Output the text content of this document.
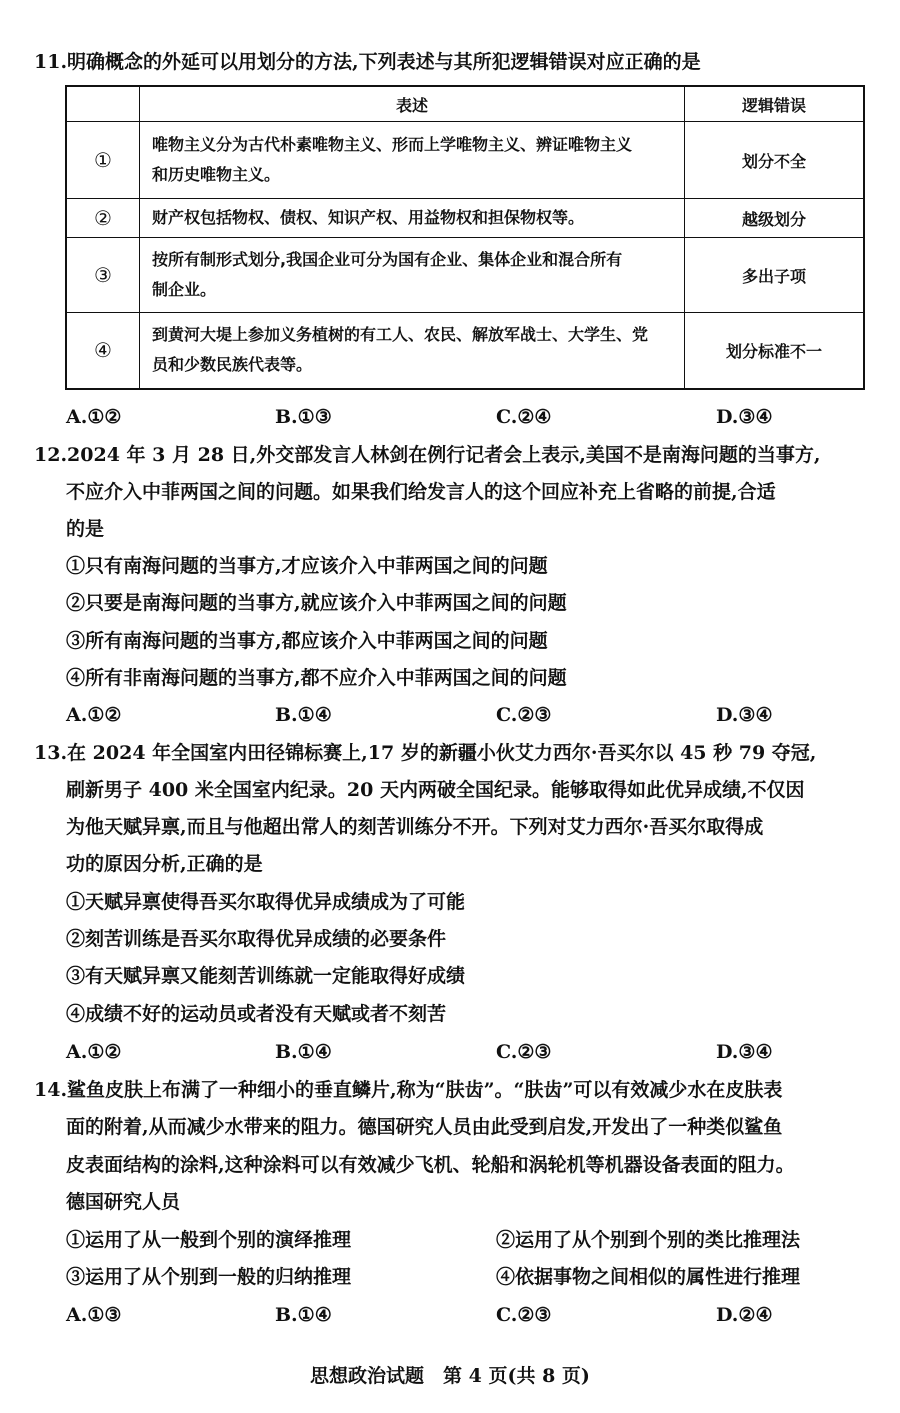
11.明确概念的外延可以用划分的方法,下列表述与其所犯逻辑错误对应正确的是
	表述	逻辑错误
①	唯物主义分为古代朴素唯物主义、形而上学唯物主义、辨证唯物主义
和历史唯物主义。	划分不全
②	财产权包括物权、债权、知识产权、用益物权和担保物权等。	越级划分
③	按所有制形式划分,我国企业可分为国有企业、集体企业和混合所有
制企业。	多出子项
④	到黄河大堤上参加义务植树的有工人、农民、解放军战士、大学生、党
员和少数民族代表等。	划分标准不一
A.①②	B.①③	C.②④	D.③④
12.2024 年 3 月 28 日,外交部发言人林剑在例行记者会上表示,美国不是南海问题的当事方,
不应介入中菲两国之间的问题。如果我们给发言人的这个回应补充上省略的前提,合适
的是
①只有南海问题的当事方,才应该介入中菲两国之间的问题
②只要是南海问题的当事方,就应该介入中菲两国之间的问题
③所有南海问题的当事方,都应该介入中菲两国之间的问题
④所有非南海问题的当事方,都不应介入中菲两国之间的问题
A.①②	B.①④	C.②③	D.③④
13.在 2024 年全国室内田径锦标赛上,17 岁的新疆小伙艾力西尔·吾买尔以 45 秒 79 夺冠,
刷新男子 400 米全国室内纪录。20 天内两破全国纪录。能够取得如此优异成绩,不仅因
为他天赋异禀,而且与他超出常人的刻苦训练分不开。下列对艾力西尔·吾买尔取得成
功的原因分析,正确的是
①天赋异禀使得吾买尔取得优异成绩成为了可能
②刻苦训练是吾买尔取得优异成绩的必要条件
③有天赋异禀又能刻苦训练就一定能取得好成绩
④成绩不好的运动员或者没有天赋或者不刻苦
A.①②	B.①④	C.②③	D.③④
14.鲨鱼皮肤上布满了一种细小的垂直鳞片,称为“肤齿”。“肤齿”可以有效减少水在皮肤表
面的附着,从而减少水带来的阻力。德国研究人员由此受到启发,开发出了一种类似鲨鱼
皮表面结构的涂料,这种涂料可以有效减少飞机、轮船和涡轮机等机器设备表面的阻力。
德国研究人员
①运用了从一般到个别的演绎推理	②运用了从个别到个别的类比推理法
③运用了从个别到一般的归纳推理	④依据事物之间相似的属性进行推理
A.①③	B.①④	C.②③	D.②④
思想政治试题　第 4 页(共 8 页)
